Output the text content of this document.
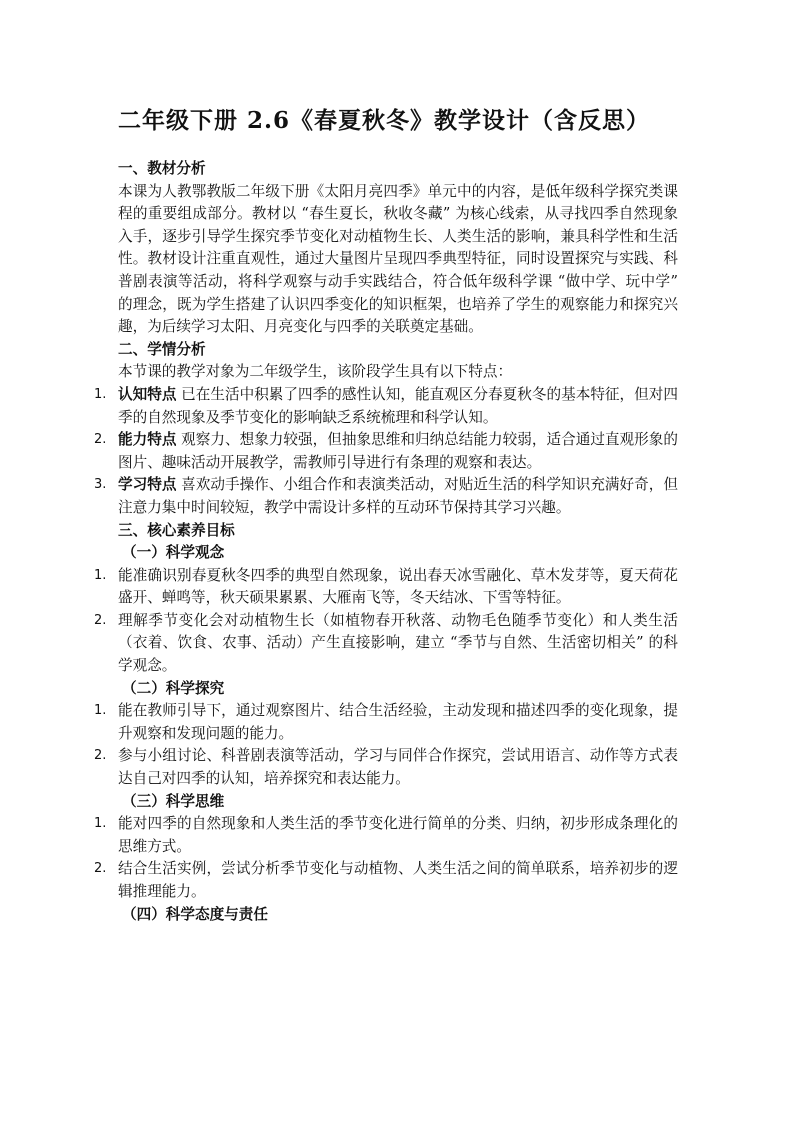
二年级下册 2.6《春夏秋冬》教学设计（含反思）

一、教材分析

本课为人教鄂教版二年级下册《太阳月亮四季》单元中的内容，是低年级科学探究类课程的重要组成部分。教材以 “春生夏长，秋收冬藏” 为核心线索，从寻找四季自然现象入手，逐步引导学生探究季节变化对动植物生长、人类生活的影响，兼具科学性和生活性。教材设计注重直观性，通过大量图片呈现四季典型特征，同时设置探究与实践、科普剧表演等活动，将科学观察与动手实践结合，符合低年级科学课 “做中学、玩中学” 的理念，既为学生搭建了认识四季变化的知识框架，也培养了学生的观察能力和探究兴趣，为后续学习太阳、月亮变化与四季的关联奠定基础。

二、学情分析

本节课的教学对象为二年级学生，该阶段学生具有以下特点：

1. 认知特点 已在生活中积累了四季的感性认知，能直观区分春夏秋冬的基本特征，但对四季的自然现象及季节变化的影响缺乏系统梳理和科学认知。
2. 能力特点 观察力、想象力较强，但抽象思维和归纳总结能力较弱，适合通过直观形象的图片、趣味活动开展教学，需教师引导进行有条理的观察和表达。
3. 学习特点 喜欢动手操作、小组合作和表演类活动，对贴近生活的科学知识充满好奇，但注意力集中时间较短，教学中需设计多样的互动环节保持其学习兴趣。

三、核心素养目标

（一）科学观念

1. 能准确识别春夏秋冬四季的典型自然现象，说出春天冰雪融化、草木发芽等，夏天荷花盛开、蝉鸣等，秋天硕果累累、大雁南飞等，冬天结冰、下雪等特征。
2. 理解季节变化会对动植物生长（如植物春开秋落、动物毛色随季节变化）和人类生活（衣着、饮食、农事、活动）产生直接影响，建立 “季节与自然、生活密切相关” 的科学观念。

（二）科学探究

1. 能在教师引导下，通过观察图片、结合生活经验，主动发现和描述四季的变化现象，提升观察和发现问题的能力。
2. 参与小组讨论、科普剧表演等活动，学习与同伴合作探究，尝试用语言、动作等方式表达自己对四季的认知，培养探究和表达能力。

（三）科学思维

1. 能对四季的自然现象和人类生活的季节变化进行简单的分类、归纳，初步形成条理化的思维方式。
2. 结合生活实例，尝试分析季节变化与动植物、人类生活之间的简单联系，培养初步的逻辑推理能力。

（四）科学态度与责任
